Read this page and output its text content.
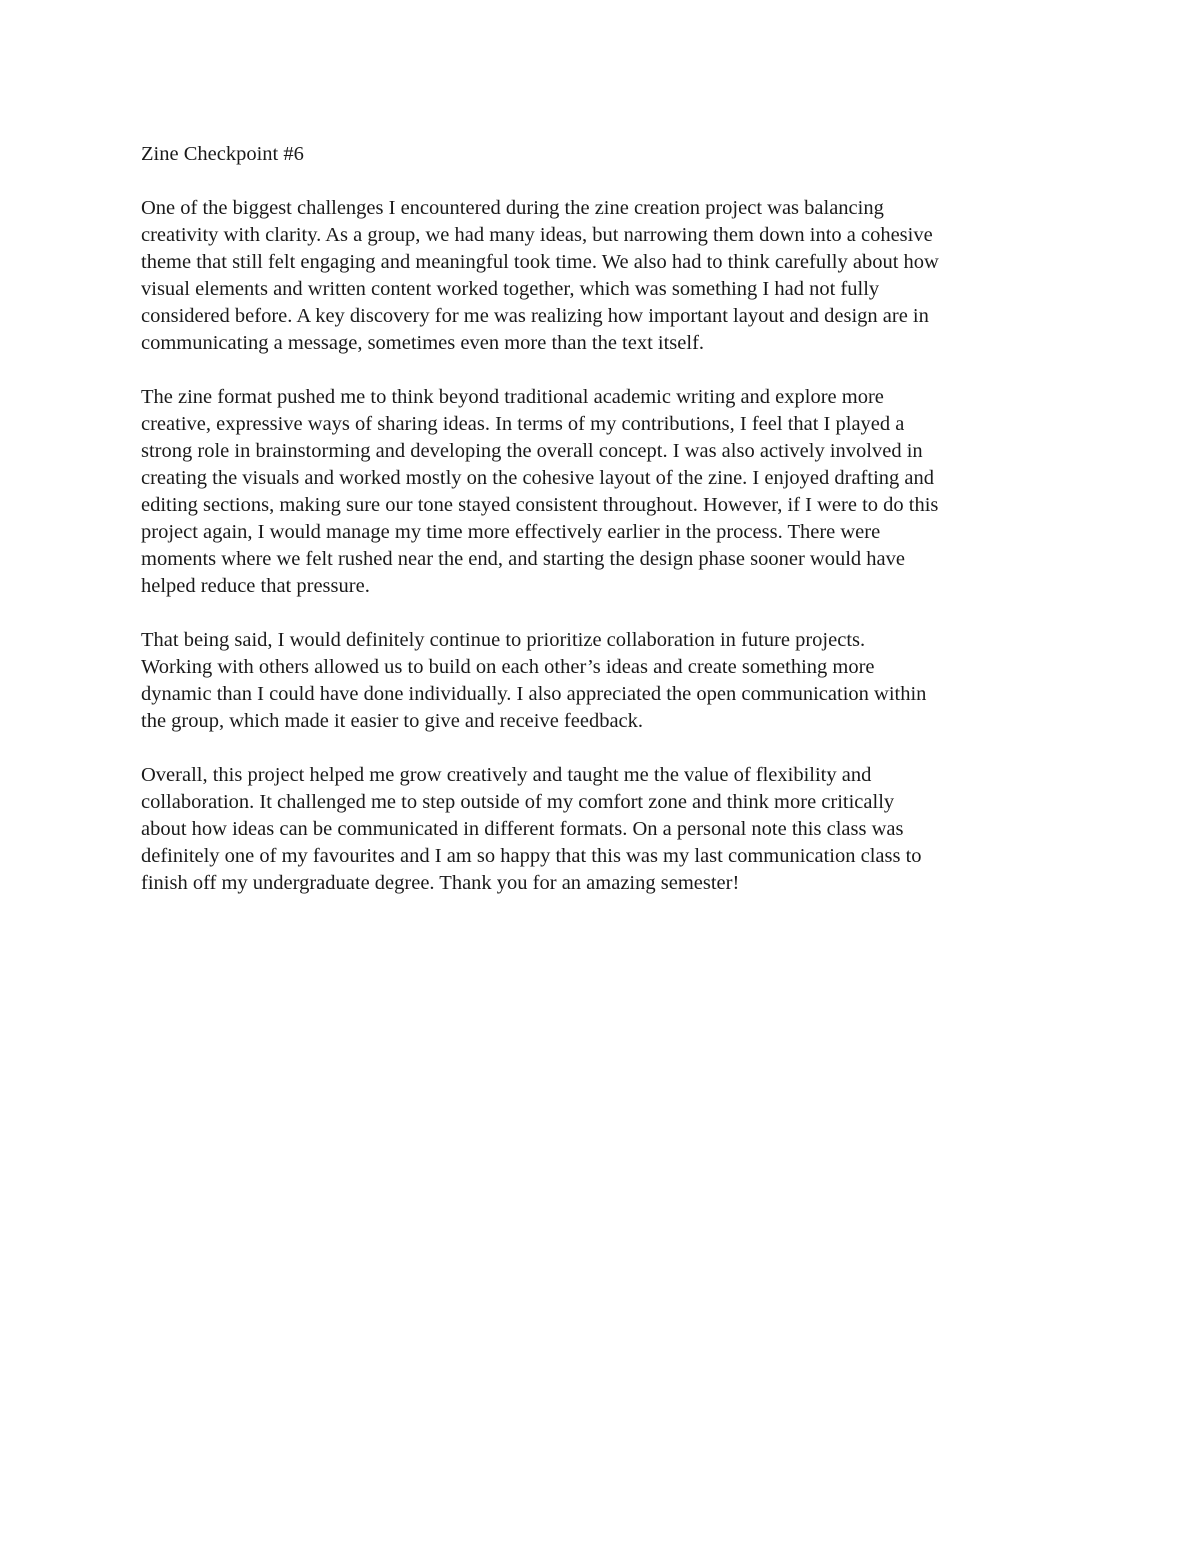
Zine Checkpoint #6
One of the biggest challenges I encountered during the zine creation project was balancing
creativity with clarity. As a group, we had many ideas, but narrowing them down into a cohesive
theme that still felt engaging and meaningful took time. We also had to think carefully about how
visual elements and written content worked together, which was something I had not fully
considered before. A key discovery for me was realizing how important layout and design are in
communicating a message, sometimes even more than the text itself.
The zine format pushed me to think beyond traditional academic writing and explore more
creative, expressive ways of sharing ideas. In terms of my contributions, I feel that I played a
strong role in brainstorming and developing the overall concept. I was also actively involved in
creating the visuals and worked mostly on the cohesive layout of the zine. I enjoyed drafting and
editing sections, making sure our tone stayed consistent throughout. However, if I were to do this
project again, I would manage my time more effectively earlier in the process. There were
moments where we felt rushed near the end, and starting the design phase sooner would have
helped reduce that pressure.
That being said, I would definitely continue to prioritize collaboration in future projects.
Working with others allowed us to build on each other’s ideas and create something more
dynamic than I could have done individually. I also appreciated the open communication within
the group, which made it easier to give and receive feedback.
Overall, this project helped me grow creatively and taught me the value of flexibility and
collaboration. It challenged me to step outside of my comfort zone and think more critically
about how ideas can be communicated in different formats. On a personal note this class was
definitely one of my favourites and I am so happy that this was my last communication class to
finish off my undergraduate degree. Thank you for an amazing semester!
